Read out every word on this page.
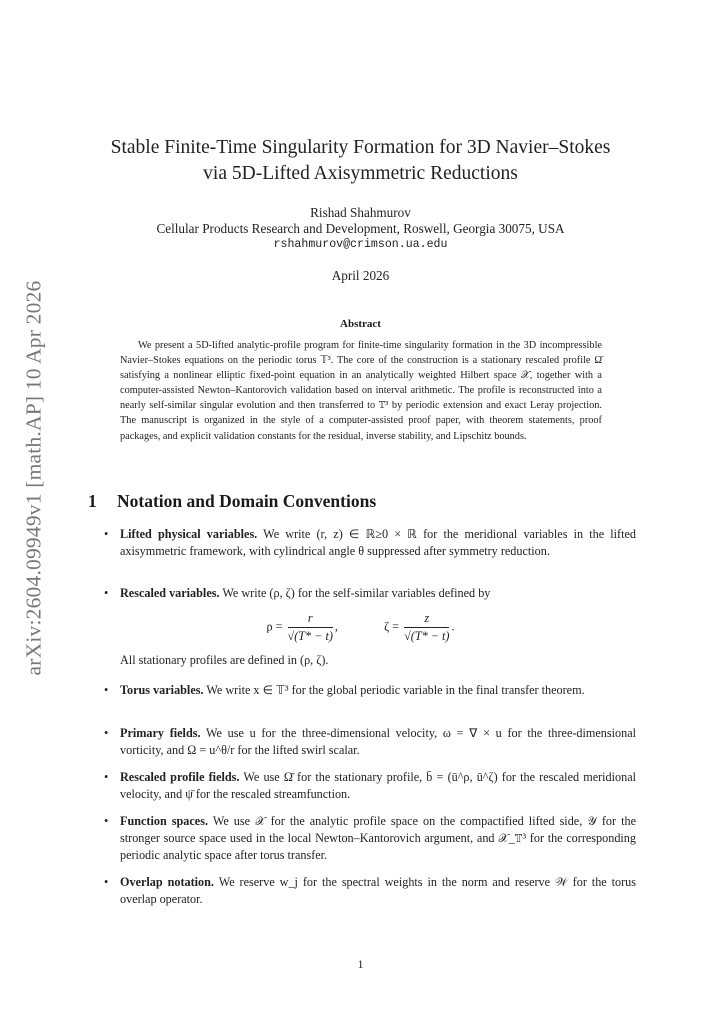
arXiv:2604.09949v1 [math.AP] 10 Apr 2026
Stable Finite-Time Singularity Formation for 3D Navier–Stokes
via 5D-Lifted Axisymmetric Reductions
Rishad Shahmurov
Cellular Products Research and Development, Roswell, Georgia 30075, USA
rshahmurov@crimson.ua.edu
April 2026
Abstract
We present a 5D-lifted analytic-profile program for finite-time singularity formation in the 3D incompressible Navier–Stokes equations on the periodic torus 𝕋³. The core of the construction is a stationary rescaled profile Ω̄ satisfying a nonlinear elliptic fixed-point equation in an analytically weighted Hilbert space 𝒳, together with a computer-assisted Newton–Kantorovich validation based on interval arithmetic. The profile is reconstructed into a nearly self-similar singular evolution and then transferred to 𝕋³ by periodic extension and exact Leray projection. The manuscript is organized in the style of a computer-assisted proof paper, with theorem statements, proof packages, and explicit validation constants for the residual, inverse stability, and Lipschitz bounds.
1 Notation and Domain Conventions
• Lifted physical variables. We write (r, z) ∈ ℝ≥0 × ℝ for the meridional variables in the lifted axisymmetric framework, with cylindrical angle θ suppressed after symmetry reduction.
• Rescaled variables. We write (ρ, ζ) for the self-similar variables defined by
$\rho = \frac{r}{√(T* - t)}$ ,	$\zeta = \frac{z}{√(T* - t)}$ .
All stationary profiles are defined in (ρ, ζ).
• Torus variables. We write x ∈ 𝕋³ for the global periodic variable in the final transfer theorem.
• Primary fields. We use u for the three-dimensional velocity, ω = ∇ × u for the three-dimensional vorticity, and Ω = u^θ/r for the lifted swirl scalar.
• Rescaled profile fields. We use Ω̄ for the stationary profile, b̄ = (ū^ρ, ū^ζ) for the rescaled meridional velocity, and ψ̄ for the rescaled streamfunction.
• Function spaces. We use 𝒳 for the analytic profile space on the compactified lifted side, 𝒴 for the stronger source space used in the local Newton–Kantorovich argument, and 𝒳_𝕋³ for the corresponding periodic analytic space after torus transfer.
• Overlap notation. We reserve w_j for the spectral weights in the norm and reserve 𝒲 for the torus overlap operator.
1
